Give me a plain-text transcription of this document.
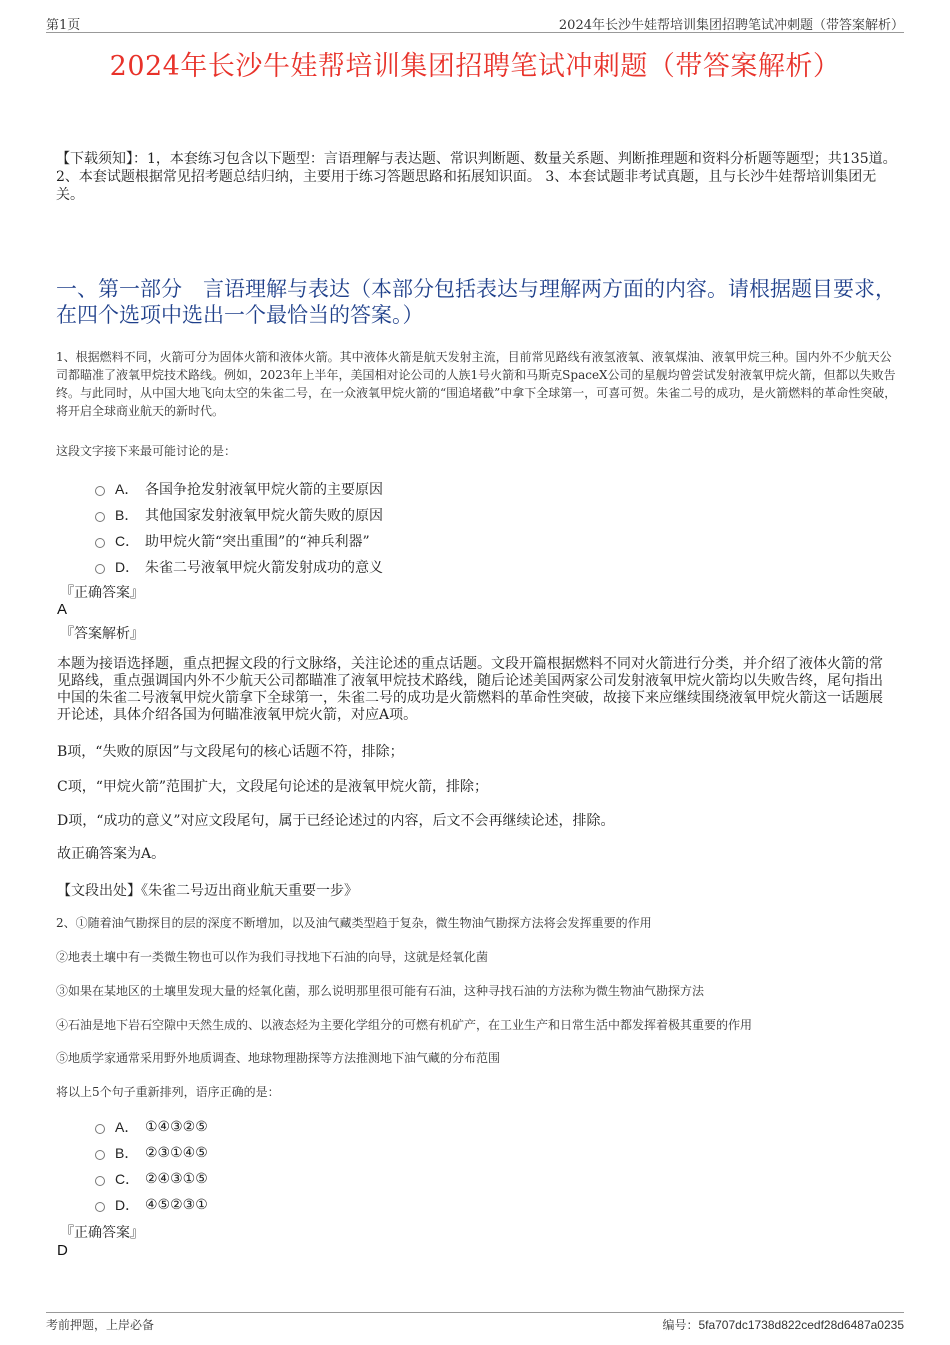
第1页	2024年长沙牛娃帮培训集团招聘笔试冲刺题（带答案解析）
2024年长沙牛娃帮培训集团招聘笔试冲刺题（带答案解析）
【下载须知】：1，本套练习包含以下题型：言语理解与表达题、常识判断题、数量关系题、判断推理题和资料分析题等题型；共135道。 2、本套试题根据常见招考题总结归纳，主要用于练习答题思路和拓展知识面。 3、本套试题非考试真题，且与长沙牛娃帮培训集团无关。
一、第一部分　言语理解与表达（本部分包括表达与理解两方面的内容。请根据题目要求，在四个选项中选出一个最恰当的答案。）
1、根据燃料不同，火箭可分为固体火箭和液体火箭。其中液体火箭是航天发射主流，目前常见路线有液氢液氧、液氧煤油、液氧甲烷三种。国内外不少航天公司都瞄准了液氧甲烷技术路线。例如，2023年上半年，美国相对论公司的人族1号火箭和马斯克SpaceX公司的星舰均曾尝试发射液氧甲烷火箭，但都以失败告终。与此同时，从中国大地飞向太空的朱雀二号，在一众液氧甲烷火箭的“围追堵截”中拿下全球第一，可喜可贺。朱雀二号的成功，是火箭燃料的革命性突破，将开启全球商业航天的新时代。
这段文字接下来最可能讨论的是：
A． 各国争抢发射液氧甲烷火箭的主要原因
B． 其他国家发射液氧甲烷火箭失败的原因
C． 助甲烷火箭“突出重围”的“神兵利器”
D． 朱雀二号液氧甲烷火箭发射成功的意义
『正确答案』
A
『答案解析』
本题为接语选择题，重点把握文段的行文脉络，关注论述的重点话题。文段开篇根据燃料不同对火箭进行分类，并介绍了液体火箭的常见路线，重点强调国内外不少航天公司都瞄准了液氧甲烷技术路线，随后论述美国两家公司发射液氧甲烷火箭均以失败告终，尾句指出中国的朱雀二号液氧甲烷火箭拿下全球第一，朱雀二号的成功是火箭燃料的革命性突破，故接下来应继续围绕液氧甲烷火箭这一话题展开论述，具体介绍各国为何瞄准液氧甲烷火箭，对应A项。
B项，“失败的原因”与文段尾句的核心话题不符，排除；
C项，“甲烷火箭”范围扩大，文段尾句论述的是液氧甲烷火箭，排除；
D项，“成功的意义”对应文段尾句，属于已经论述过的内容，后文不会再继续论述，排除。
故正确答案为A。
【文段出处】《朱雀二号迈出商业航天重要一步》
2、①随着油气勘探目的层的深度不断增加，以及油气藏类型趋于复杂，微生物油气勘探方法将会发挥重要的作用
②地表土壤中有一类微生物也可以作为我们寻找地下石油的向导，这就是烃氧化菌
③如果在某地区的土壤里发现大量的烃氧化菌，那么说明那里很可能有石油，这种寻找石油的方法称为微生物油气勘探方法
④石油是地下岩石空隙中天然生成的、以液态烃为主要化学组分的可燃有机矿产，在工业生产和日常生活中都发挥着极其重要的作用
⑤地质学家通常采用野外地质调查、地球物理勘探等方法推测地下油气藏的分布范围
将以上5个句子重新排列，语序正确的是：
A． ①④③②⑤
B． ②③①④⑤
C． ②④③①⑤
D． ④⑤②③①
『正确答案』
D
考前押题，上岸必备	编号：5fa707dc1738d822cedf28d6487a0235
